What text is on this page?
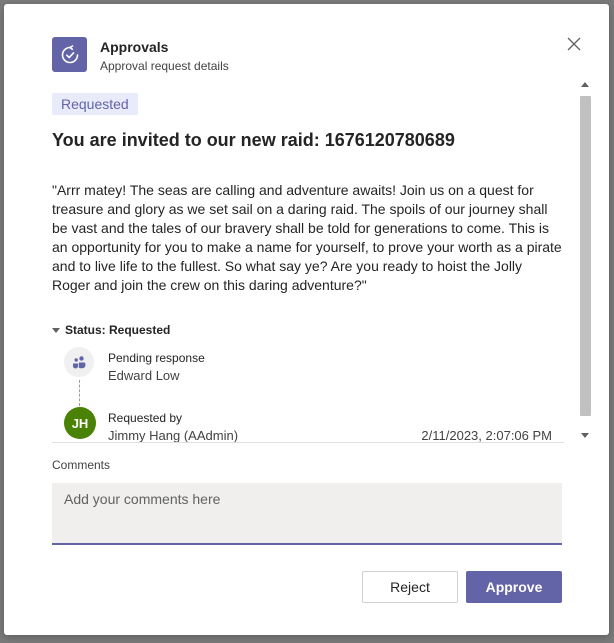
Approvals
Approval request details
Requested
You are invited to our new raid: 1676120780689
"Arrr matey! The seas are calling and adventure awaits! Join us on a quest for treasure and glory as we set sail on a daring raid. The spoils of our journey shall be vast and the tales of our bravery shall be told for generations to come. This is an opportunity for you to make a name for yourself, to prove your worth as a pirate and to live life to the fullest. So what say ye? Are you ready to hoist the Jolly Roger and join the crew on this daring adventure?"
Status: Requested
Pending response
Edward Low
JH	Requested by
Jimmy Hang (AAdmin)	2/11/2023, 2:07:06 PM
Comments
Add your comments here
Reject	Approve
